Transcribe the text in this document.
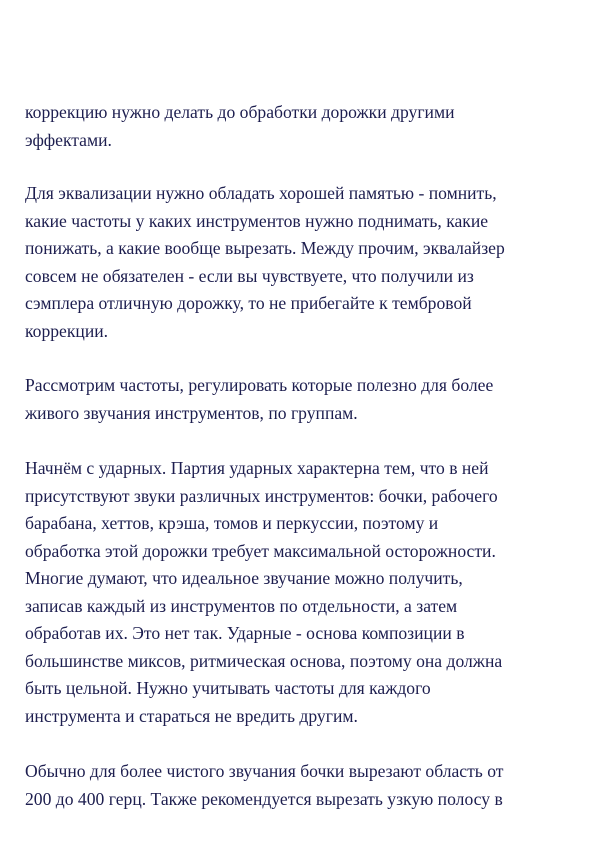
коррекцию нужно делать до обработки дорожки другими
эффектами.
Для эквализации нужно обладать хорошей памятью - помнить,
какие частоты у каких инструментов нужно поднимать, какие
понижать, а какие вообще вырезать. Между прочим, эквалайзер
совсем не обязателен - если вы чувствуете, что получили из
сэмплера отличную дорожку, то не прибегайте к тембровой
коррекции.
Рассмотрим частоты, регулировать которые полезно для более
живого звучания инструментов, по группам.
Начнём с ударных. Партия ударных характерна тем, что в ней
присутствуют звуки различных инструментов: бочки, рабочего
барабана, хеттов, крэша, томов и перкуссии, поэтому и
обработка этой дорожки требует максимальной осторожности.
Многие думают, что идеальное звучание можно получить,
записав каждый из инструментов по отдельности, а затем
обработав их. Это нет так. Ударные - основа композиции в
большинстве миксов, ритмическая основа, поэтому она должна
быть цельной. Нужно учитывать частоты для каждого
инструмента и стараться не вредить другим.
Обычно для более чистого звучания бочки вырезают область от
200 до 400 герц. Также рекомендуется вырезать узкую полосу в
